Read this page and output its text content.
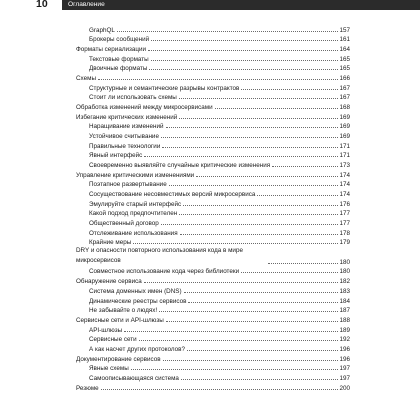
10	Оглавление
GraphQL	157
Брокеры сообщений	161
Форматы сериализации	164
Текстовые форматы	165
Двоичные форматы	165
Схемы	166
Структурные и семантические разрывы контрактов	167
Стоит ли использовать схемы	167
Обработка изменений между микросервисами	168
Избегание критических изменений	169
Наращивание изменений	169
Устойчивое считывание	169
Правильные технологии	171
Явный интерфейс	171
Своевременно выявляйте случайные критические изменения	173
Управление критическими изменениями	174
Поэтапное развертывание	174
Сосуществование несовместимых версий микросервиса	174
Эмулируйте старый интерфейс	176
Какой подход предпочтителен	177
Общественный договор	177
Отслеживание использования	178
Крайние меры	179
DRY и опасности повторного использования кода в мире микросервисов	180
Совместное использование кода через библиотеки	180
Обнаружение сервиса	182
Система доменных имен (DNS)	183
Динамические реестры сервисов	184
Не забывайте о людях!	187
Сервисные сети и API-шлюзы	188
API-шлюзы	189
Сервисные сети	192
А как насчет других протоколов?	196
Документирование сервисов	196
Явные схемы	197
Самоописывающаяся система	197
Резюме	200
